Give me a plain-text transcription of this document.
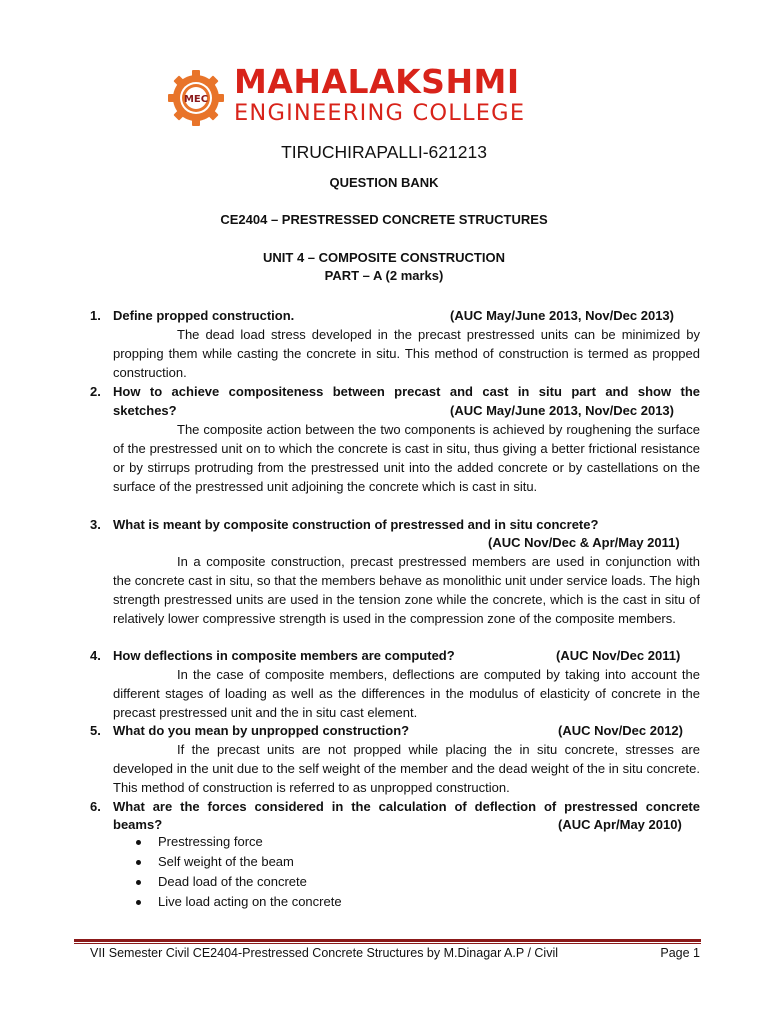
MEC MAHALAKSHMI
ENGINEERING COLLEGE
TIRUCHIRAPALLI-621213
QUESTION BANK
CE2404 – PRESTRESSED CONCRETE STRUCTURES
UNIT 4 – COMPOSITE CONSTRUCTION
PART – A (2 marks)
1. Define propped construction.	(AUC May/June 2013, Nov/Dec 2013)
The dead load stress developed in the precast prestressed units can be minimized by propping them while casting the concrete in situ. This method of construction is termed as propped construction.
2. How to achieve compositeness between precast and cast in situ part and show the
sketches?	(AUC May/June 2013, Nov/Dec 2013)
The composite action between the two components is achieved by roughening the surface of the prestressed unit on to which the concrete is cast in situ, thus giving a better frictional resistance or by stirrups protruding from the prestressed unit into the added concrete or by castellations on the surface of the prestressed unit adjoining the concrete which is cast in situ.
3. What is meant by composite construction of prestressed and in situ concrete?
(AUC Nov/Dec & Apr/May 2011)
In a composite construction, precast prestressed members are used in conjunction with the concrete cast in situ, so that the members behave as monolithic unit under service loads. The high strength prestressed units are used in the tension zone while the concrete, which is the cast in situ of relatively lower compressive strength is used in the compression zone of the composite members.
4. How deflections in composite members are computed?	(AUC Nov/Dec 2011)
In the case of composite members, deflections are computed by taking into account the different stages of loading as well as the differences in the modulus of elasticity of concrete in the precast prestressed unit and the in situ cast element.
5. What do you mean by unpropped construction?	(AUC Nov/Dec 2012)
If the precast units are not propped while placing the in situ concrete, stresses are developed in the unit due to the self weight of the member and the dead weight of the in situ concrete. This method of construction is referred to as unpropped construction.
6. What are the forces considered in the calculation of deflection of prestressed concrete
beams?	(AUC Apr/May 2010)
Prestressing force
Self weight of the beam
Dead load of the concrete
Live load acting on the concrete
VII Semester Civil CE2404-Prestressed Concrete Structures by M.Dinagar A.P / Civil	Page 1
